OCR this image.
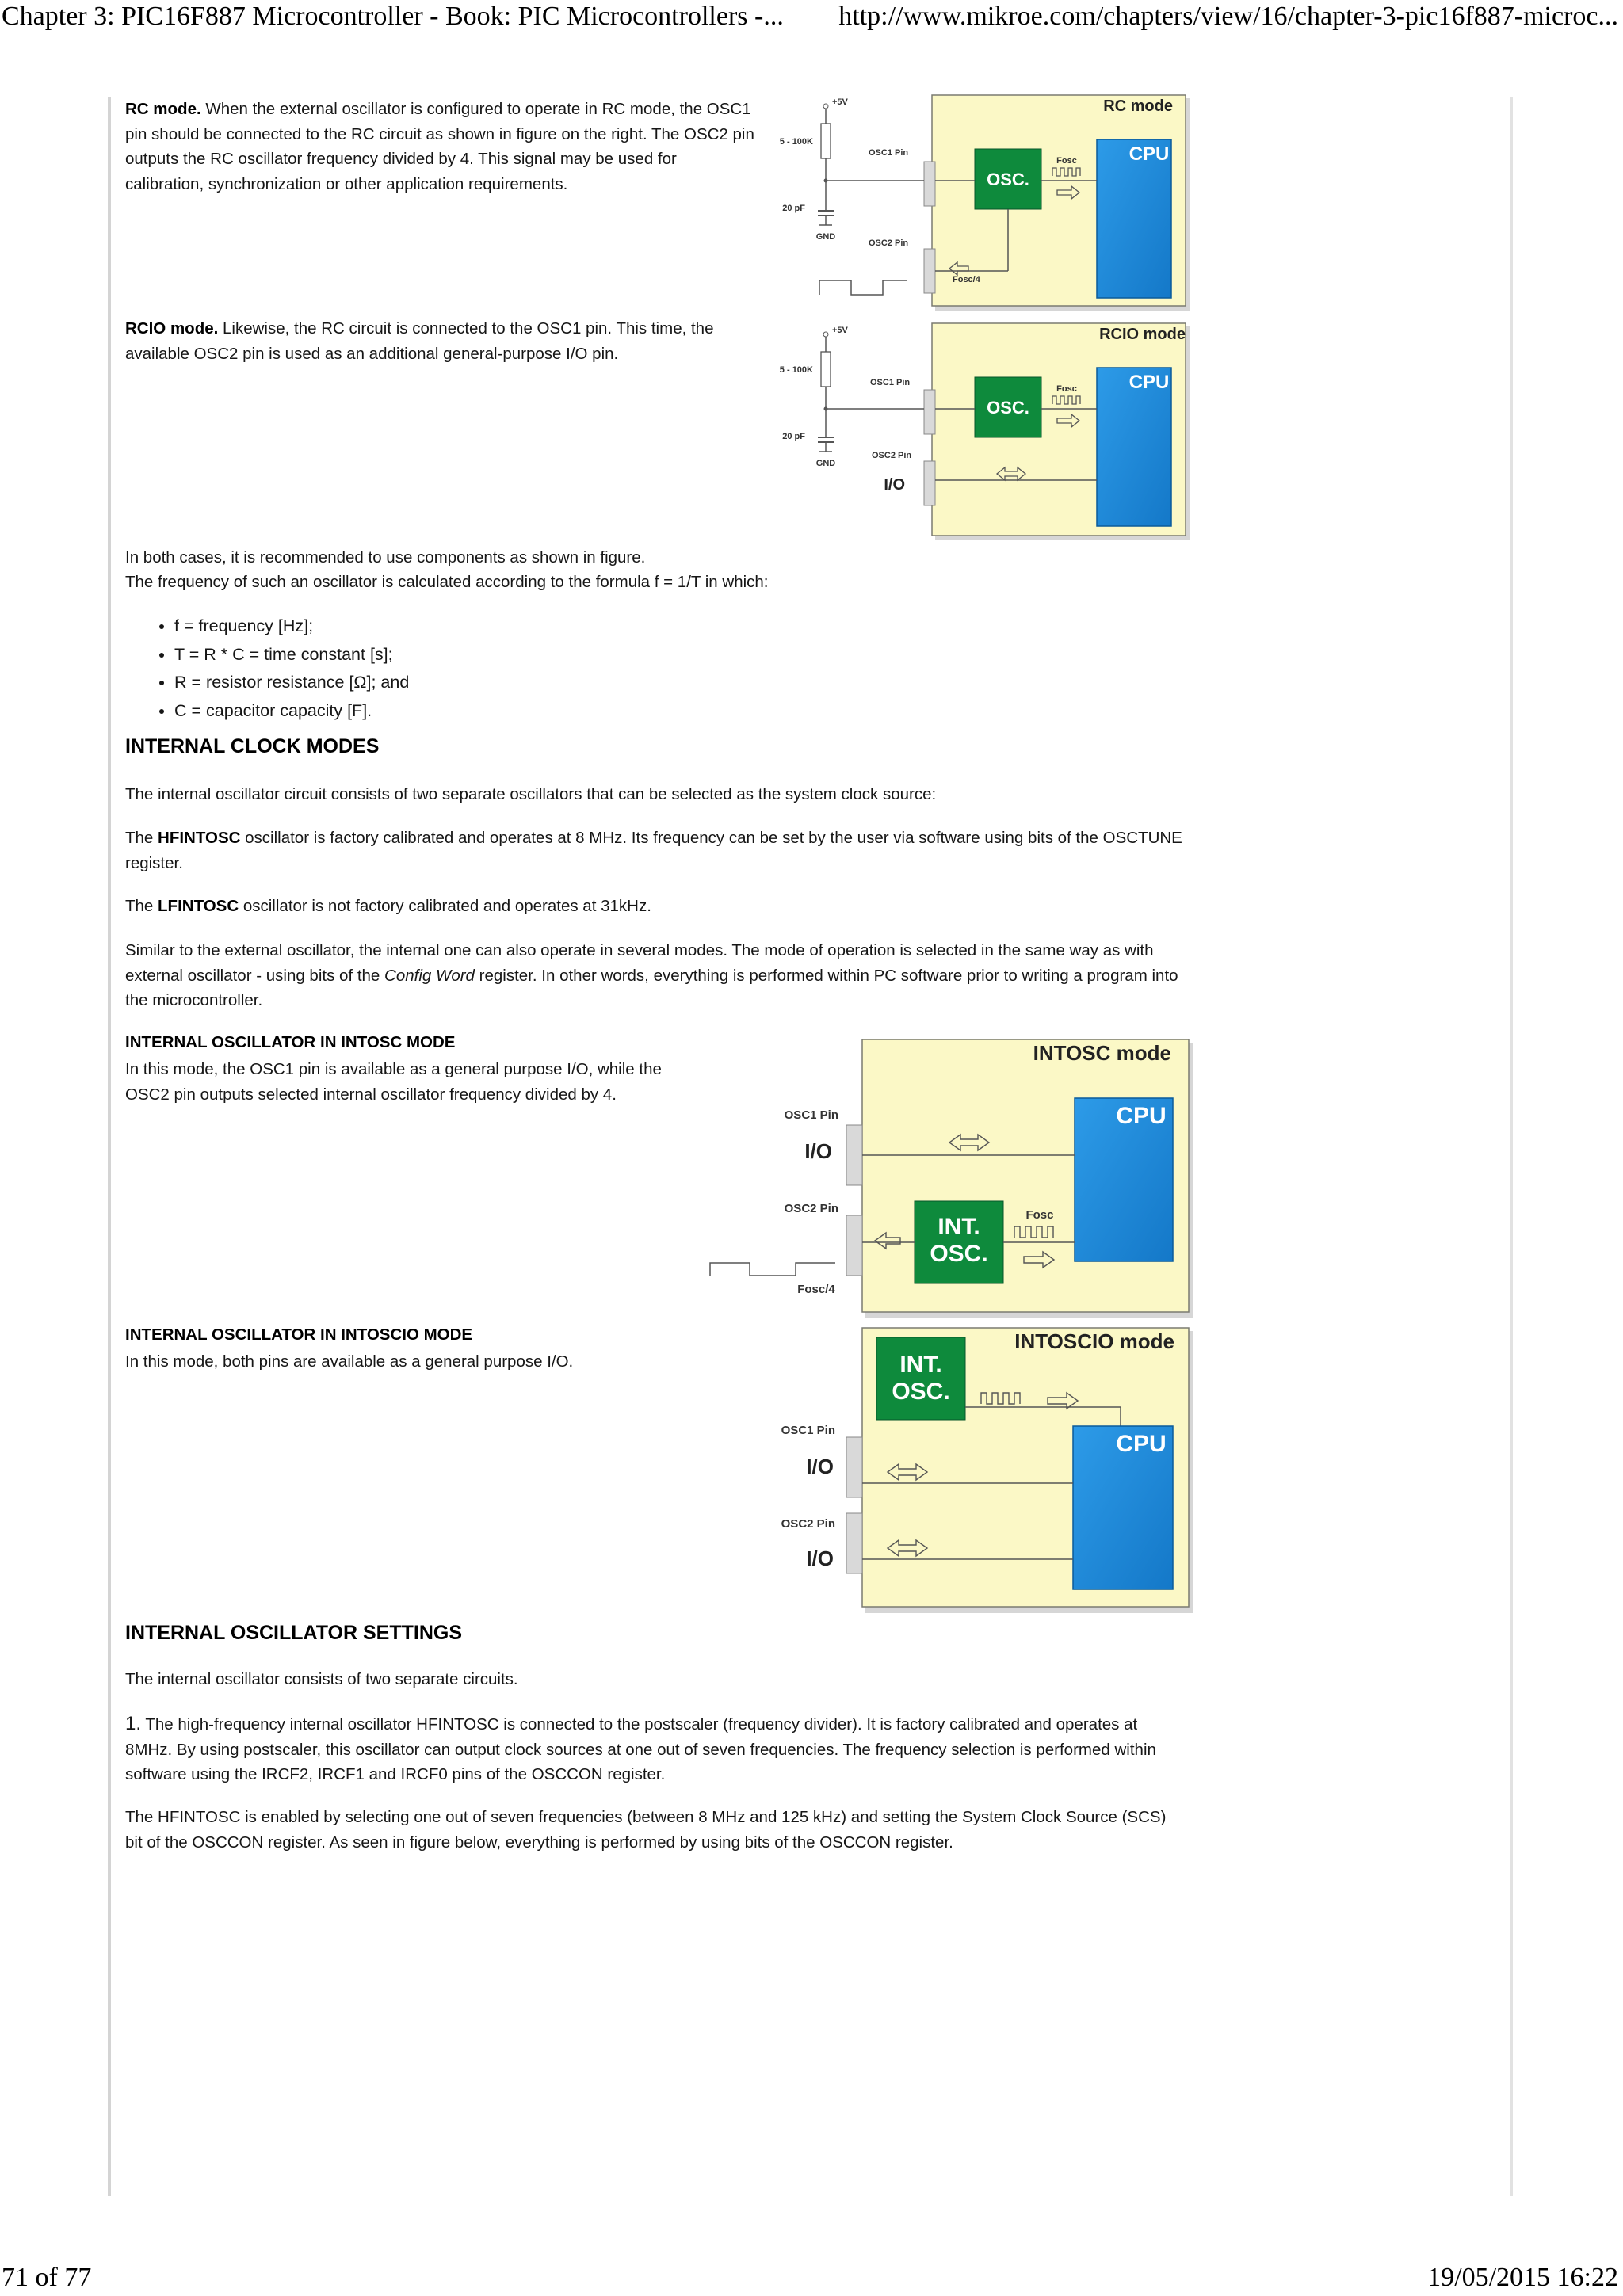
Chapter 3: PIC16F887 Microcontroller - Book: PIC Microcontrollers -... http://www.mikroe.com/chapters/view/16/chapter-3-pic16f887-microc...
71 of 77	19/05/2015 16:22
RC mode. When the external oscillator is configured to operate in RC mode, the OSC1 pin should be connected to the RC circuit as shown in figure on the right. The OSC2 pin outputs the RC oscillator frequency divided by 4. This signal may be used for calibration, synchronization or other application requirements.
RCIO mode. Likewise, the RC circuit is connected to the OSC1 pin. This time, the available OSC2 pin is used as an additional general-purpose I/O pin.
RC mode
CPU
OSC.
Fosc
Fosc/4
+5V
5 - 100K
20 pF
GND
OSC1 Pin
OSC2 Pin
RCIO mode
CPU
OSC.
Fosc
I/O
+5V
5 - 100K
20 pF
GND
OSC1 Pin
OSC2 Pin
In both cases, it is recommended to use components as shown in figure.
The frequency of such an oscillator is calculated according to the formula f = 1/T in which:
• f = frequency [Hz];
• T = R * C = time constant [s];
• R = resistor resistance [Ω]; and
• C = capacitor capacity [F].
INTERNAL CLOCK MODES
The internal oscillator circuit consists of two separate oscillators that can be selected as the system clock source:
The HFINTOSC oscillator is factory calibrated and operates at 8 MHz. Its frequency can be set by the user via software using bits of the OSCTUNE register.
The LFINTOSC oscillator is not factory calibrated and operates at 31kHz.
Similar to the external oscillator, the internal one can also operate in several modes. The mode of operation is selected in the same way as with external oscillator - using bits of the Config Word register. In other words, everything is performed within PC software prior to writing a program into the microcontroller.
INTERNAL OSCILLATOR IN INTOSC MODE
In this mode, the OSC1 pin is available as a general purpose I/O, while the OSC2 pin outputs selected internal oscillator frequency divided by 4.
INTOSC mode
CPU
INT.
OSC.
Fosc
OSC1 Pin
I/O
OSC2 Pin
Fosc/4
INTERNAL OSCILLATOR IN INTOSCIO MODE
In this mode, both pins are available as a general purpose I/O.
INTOSCIO mode
INT.
OSC.
CPU
OSC1 Pin
I/O
OSC2 Pin
I/O
INTERNAL OSCILLATOR SETTINGS
The internal oscillator consists of two separate circuits.
1. The high-frequency internal oscillator HFINTOSC is connected to the postscaler (frequency divider). It is factory calibrated and operates at 8MHz. By using postscaler, this oscillator can output clock sources at one out of seven frequencies. The frequency selection is performed within software using the IRCF2, IRCF1 and IRCF0 pins of the OSCCON register.
The HFINTOSC is enabled by selecting one out of seven frequencies (between 8 MHz and 125 kHz) and setting the System Clock Source (SCS) bit of the OSCCON register. As seen in figure below, everything is performed by using bits of the OSCCON register.
